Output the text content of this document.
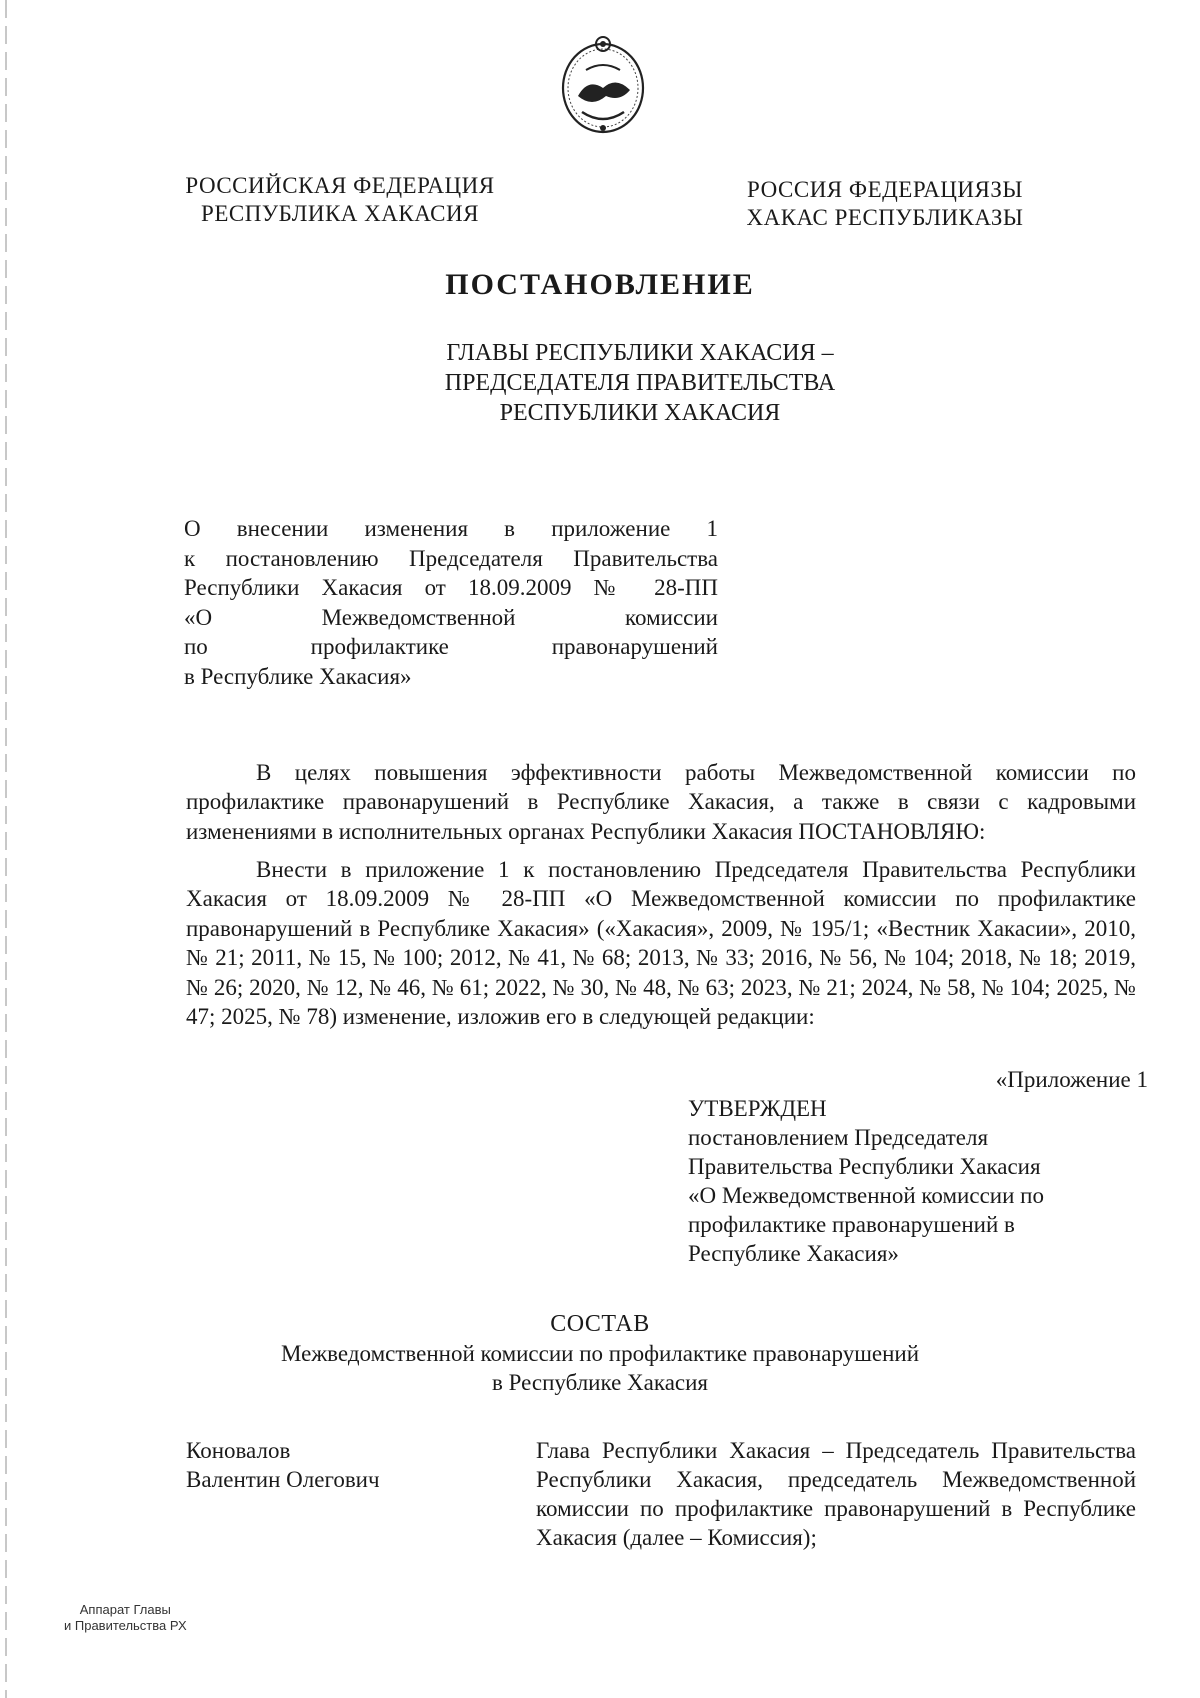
РОССИЙСКАЯ ФЕДЕРАЦИЯ
РЕСПУБЛИКА ХАКАСИЯ
РОССИЯ ФЕДЕРАЦИЯЗЫ
ХАКАС РЕСПУБЛИКАЗЫ
ПОСТАНОВЛЕНИЕ
ГЛАВЫ РЕСПУБЛИКИ ХАКАСИЯ –
ПРЕДСЕДАТЕЛЯ ПРАВИТЕЛЬСТВА
РЕСПУБЛИКИ ХАКАСИЯ
О внесении изменения в приложение 1
к постановлению Председателя Правительства
Республики Хакасия от 18.09.2009 № 28-ПП
«О Межведомственной комиссии
по профилактике правонарушений
в Республике Хакасия»

В целях повышения эффективности работы Межведомственной комиссии по профилактике правонарушений в Республике Хакасия, а также в связи с кадровыми изменениями в исполнительных органах Республики Хакасия ПОСТАНОВЛЯЮ:

Внести в приложение 1 к постановлению Председателя Правительства Республики Хакасия от 18.09.2009 № 28-ПП «О Межведомственной комиссии по профилактике правонарушений в Республике Хакасия» («Хакасия», 2009, № 195/1; «Вестник Хакасии», 2010, № 21; 2011, № 15, № 100; 2012, № 41, № 68; 2013, № 33; 2016, № 56, № 104; 2018, № 18; 2019, № 26; 2020, № 12, № 46, № 61; 2022, № 30, № 48, № 63; 2023, № 21; 2024, № 58, № 104; 2025, № 47; 2025, № 78) изменение, изложив его в следующей редакции:

«Приложение 1
УТВЕРЖДЕН
постановлением Председателя
Правительства Республики Хакасия
«О Межведомственной комиссии по
профилактике правонарушений в
Республике Хакасия»
СОСТАВ
Межведомственной комиссии по профилактике правонарушений
в Республике Хакасия
Коновалов
Валентин Олегович
Глава Республики Хакасия – Председатель Правительства Республики Хакасия, председатель Межведомственной комиссии по профилактике правонарушений в Республике Хакасия (далее – Комиссия);
Аппарат Главы
и Правительства РХ
